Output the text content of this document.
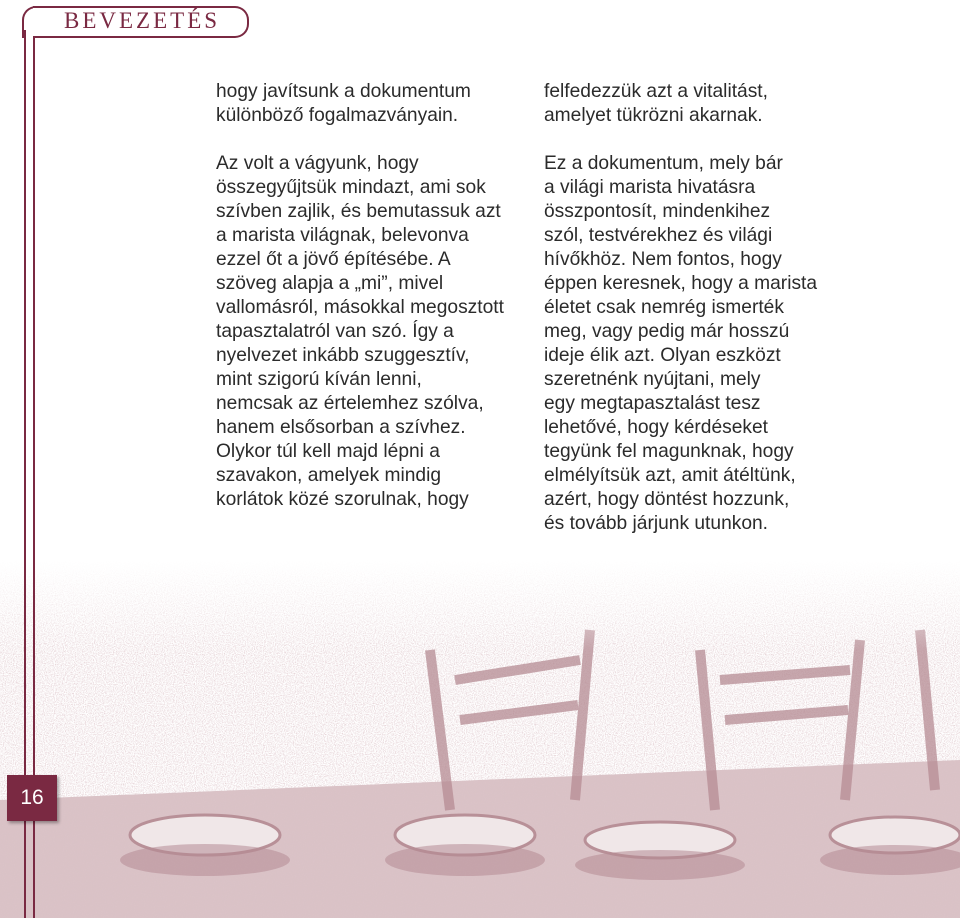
BEVEZETÉS

hogy javítsunk a dokumentum
különböző fogalmazványain.

Az volt a vágyunk, hogy
összegyűjtsük mindazt, ami sok
szívben zajlik, és bemutassuk azt
a marista világnak, belevonva
ezzel őt a jövő építésébe. A
szöveg alapja a „mi”, mivel
vallomásról, másokkal megosztott
tapasztalatról van szó. Így a
nyelvezet inkább szuggesztív,
mint szigorú kíván lenni,
nemcsak az értelemhez szólva,
hanem elsősorban a szívhez.
Olykor túl kell majd lépni a
szavakon, amelyek mindig
korlátok közé szorulnak, hogy

felfedezzük azt a vitalitást,
amelyet tükrözni akarnak.

Ez a dokumentum, mely bár
a világi marista hivatásra
összpontosít, mindenkihez
szól, testvérekhez és világi
hívőkhöz. Nem fontos, hogy
éppen keresnek, hogy a marista
életet csak nemrég ismerték
meg, vagy pedig már hosszú
ideje élik azt. Olyan eszközt
szeretnénk nyújtani, mely
egy megtapasztalást tesz
lehetővé, hogy kérdéseket
tegyünk fel magunknak, hogy
elmélyítsük azt, amit átéltünk,
azért, hogy döntést hozzunk,
és tovább járjunk utunkon.

16
